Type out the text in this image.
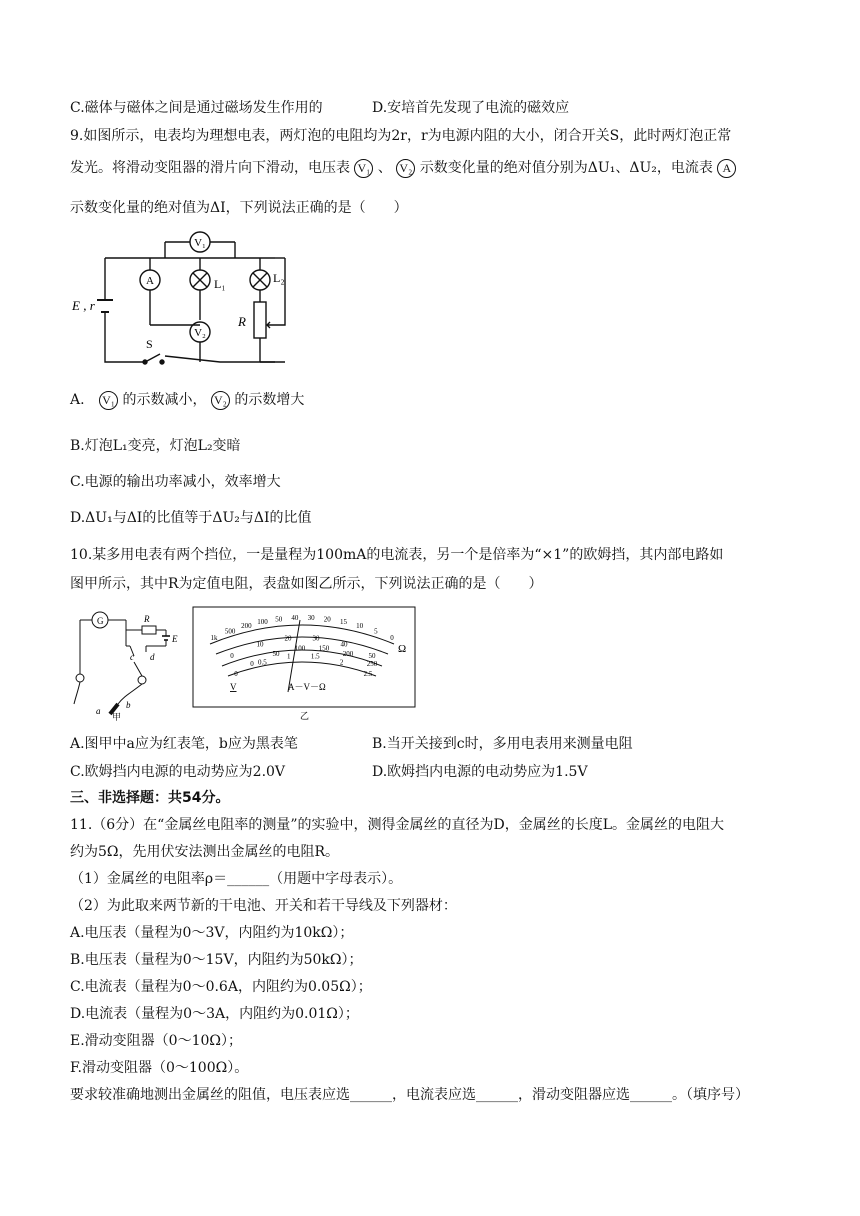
C.磁体与磁体之间是通过磁场发生作用的	D.安培首先发现了电流的磁效应
9.如图所示，电表均为理想电表，两灯泡的电阻均为2r，r为电源内阻的大小，闭合开关S，此时两灯泡正常
发光。将滑动变阻器的滑片向下滑动，电压表 V₁ 、 V₂ 示数变化量的绝对值分别为ΔU₁、ΔU₂，电流表 A
示数变化量的绝对值为ΔI，下列说法正确的是（　　）
V₁
A	L₁	L₂
V₂
R
E , r
S
A. V₁ 的示数减小， V₂ 的示数增大
B.灯泡L₁变亮，灯泡L₂变暗
C.电源的输出功率减小，效率增大
D.ΔU₁与ΔI的比值等于ΔU₂与ΔI的比值
10.某多用电表有两个挡位，一是量程为100mA的电流表，另一个是倍率为“×1”的欧姆挡，其内部电路如
图甲所示，其中R为定值电阻，表盘如图乙所示，下列说法正确的是（　　）
G	R
E
c d
a
b
甲
1k
500
200 100 50 40 30 20 15 10
5
0
0
10
20	30
40
50
0
0.5
1	1.5
2
2.5
0
50
100 150
200
250
Ω
V	A－V－Ω
乙
A.图甲中a应为红表笔，b应为黑表笔	B.当开关接到c时，多用电表用来测量电阻
C.欧姆挡内电源的电动势应为2.0V	D.欧姆挡内电源的电动势应为1.5V
三、非选择题：共54分。
11.（6分）在“金属丝电阻率的测量”的实验中，测得金属丝的直径为D，金属丝的长度L。金属丝的电阻大
约为5Ω，先用伏安法测出金属丝的电阻R。
（1）金属丝的电阻率ρ＝______（用题中字母表示）。
（2）为此取来两节新的干电池、开关和若干导线及下列器材：
A.电压表（量程为0～3V，内阻约为10kΩ）；
B.电压表（量程为0～15V，内阻约为50kΩ）；
C.电流表（量程为0～0.6A，内阻约为0.05Ω）；
D.电流表（量程为0～3A，内阻约为0.01Ω）；
E.滑动变阻器（0～10Ω）；
F.滑动变阻器（0～100Ω）。
要求较准确地测出金属丝的阻值，电压表应选______，电流表应选______，滑动变阻器应选______。（填序号）
